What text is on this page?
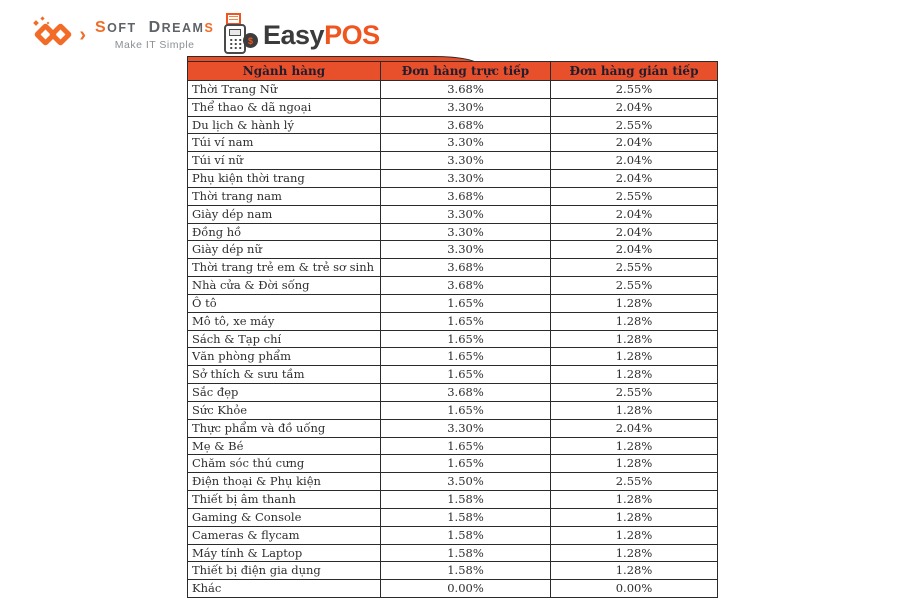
› SOFT DREAMS
Make IT Simple	$ EasyPOS
Ngành hàng	Đơn hàng trực tiếp	Đơn hàng gián tiếp
Thời Trang Nữ	3.68%	2.55%
Thể thao & dã ngoại	3.30%	2.04%
Du lịch & hành lý	3.68%	2.55%
Túi ví nam	3.30%	2.04%
Túi ví nữ	3.30%	2.04%
Phụ kiện thời trang	3.30%	2.04%
Thời trang nam	3.68%	2.55%
Giày dép nam	3.30%	2.04%
Đồng hồ	3.30%	2.04%
Giày dép nữ	3.30%	2.04%
Thời trang trẻ em & trẻ sơ sinh	3.68%	2.55%
Nhà cửa & Đời sống	3.68%	2.55%
Ô tô	1.65%	1.28%
Mô tô, xe máy	1.65%	1.28%
Sách & Tạp chí	1.65%	1.28%
Văn phòng phẩm	1.65%	1.28%
Sở thích & sưu tầm	1.65%	1.28%
Sắc đẹp	3.68%	2.55%
Sức Khỏe	1.65%	1.28%
Thực phẩm và đồ uống	3.30%	2.04%
Mẹ & Bé	1.65%	1.28%
Chăm sóc thú cưng	1.65%	1.28%
Điện thoại & Phụ kiện	3.50%	2.55%
Thiết bị âm thanh	1.58%	1.28%
Gaming & Console	1.58%	1.28%
Cameras & flycam	1.58%	1.28%
Máy tính & Laptop	1.58%	1.28%
Thiết bị điện gia dụng	1.58%	1.28%
Khác	0.00%	0.00%
